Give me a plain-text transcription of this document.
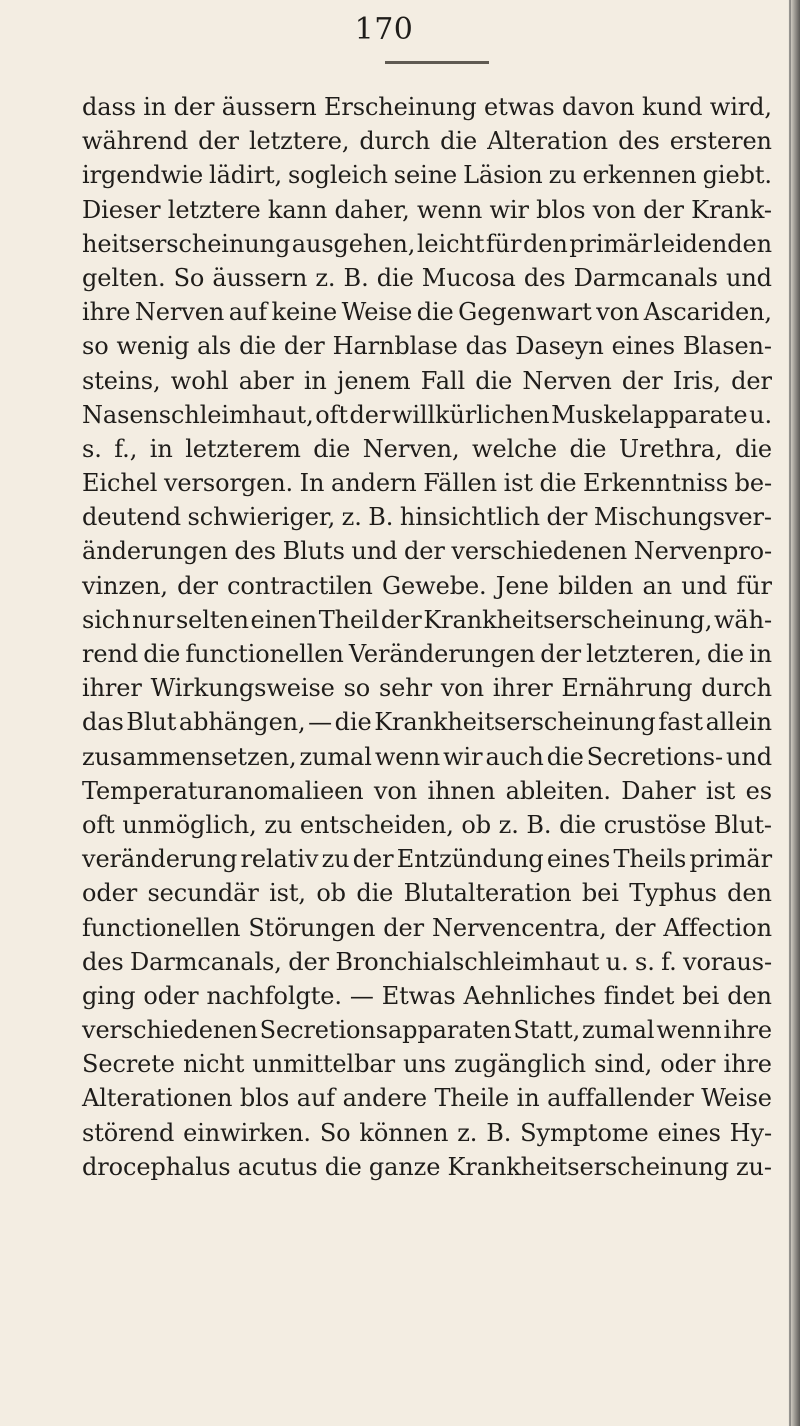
170
dass in der äussern Erscheinung etwas davon kund wird,
während der letztere, durch die Alteration des ersteren
irgendwie lädirt, sogleich seine Läsion zu erkennen giebt.
Dieser letztere kann daher, wenn wir blos von der Krank-
heitserscheinung ausgehen, leicht für den primär leidenden
gelten. So äussern z. B. die Mucosa des Darmcanals und
ihre Nerven auf keine Weise die Gegenwart von Ascariden,
so wenig als die der Harnblase das Daseyn eines Blasen-
steins, wohl aber in jenem Fall die Nerven der Iris, der
Nasenschleimhaut, oft der willkürlichen Muskelapparate u.
s. f., in letzterem die Nerven, welche die Urethra, die
Eichel versorgen. In andern Fällen ist die Erkenntniss be-
deutend schwieriger, z. B. hinsichtlich der Mischungsver-
änderungen des Bluts und der verschiedenen Nervenpro-
vinzen, der contractilen Gewebe. Jene bilden an und für
sich nur selten einen Theil der Krankheitserscheinung, wäh-
rend die functionellen Veränderungen der letzteren, die in
ihrer Wirkungsweise so sehr von ihrer Ernährung durch
das Blut abhängen, — die Krankheitserscheinung fast allein
zusammensetzen, zumal wenn wir auch die Secretions- und
Temperaturanomalieen von ihnen ableiten. Daher ist es
oft unmöglich, zu entscheiden, ob z. B. die crustöse Blut-
veränderung relativ zu der Entzündung eines Theils primär
oder secundär ist, ob die Blutalteration bei Typhus den
functionellen Störungen der Nervencentra, der Affection
des Darmcanals, der Bronchialschleimhaut u. s. f. voraus-
ging oder nachfolgte. — Etwas Aehnliches findet bei den
verschiedenen Secretionsapparaten Statt, zumal wenn ihre
Secrete nicht unmittelbar uns zugänglich sind, oder ihre
Alterationen blos auf andere Theile in auffallender Weise
störend einwirken. So können z. B. Symptome eines Hy-
drocephalus acutus die ganze Krankheitserscheinung zu-
